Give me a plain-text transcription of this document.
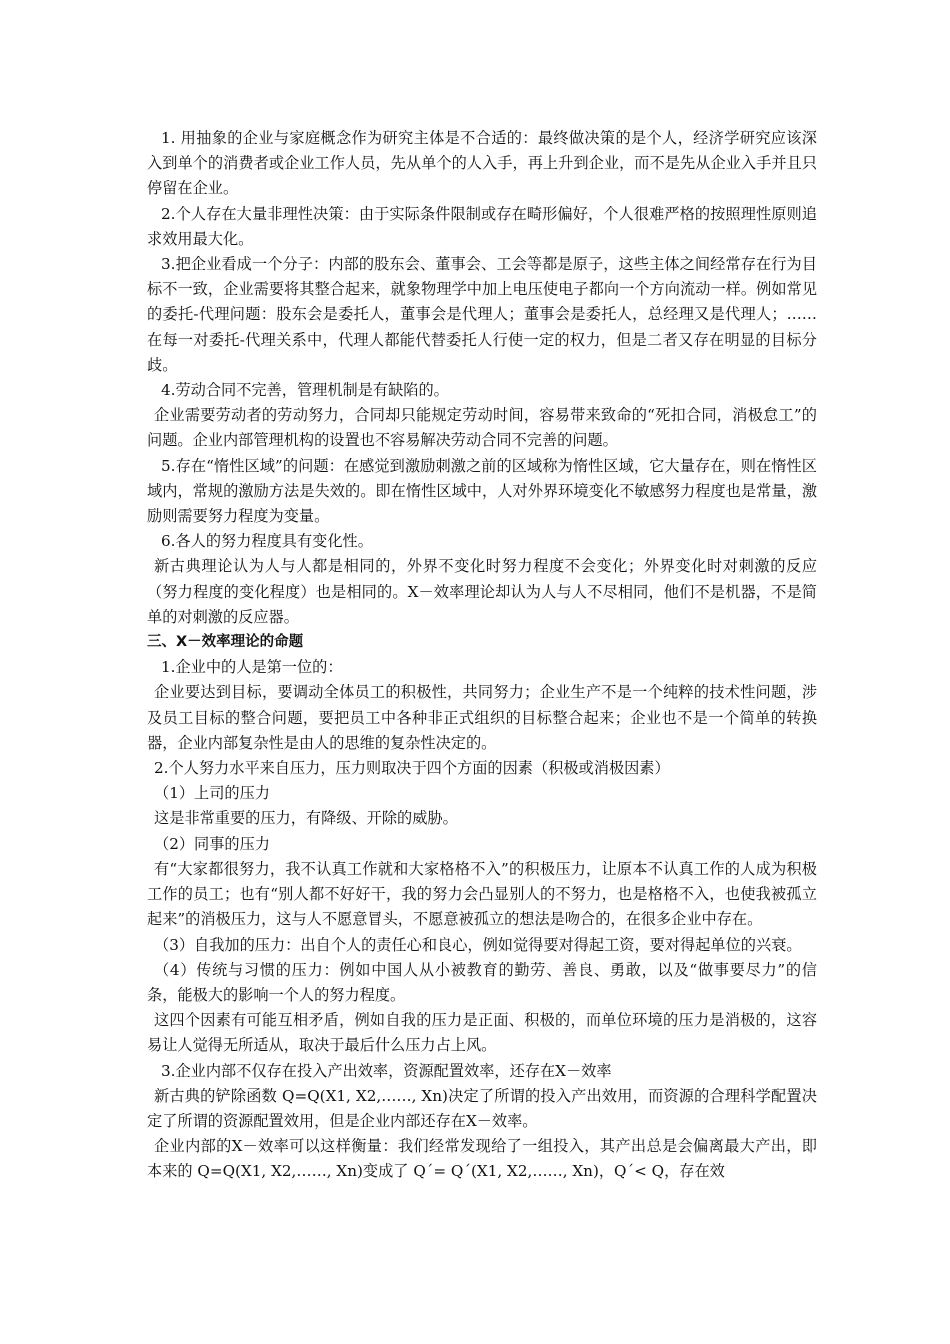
1. 用抽象的企业与家庭概念作为研究主体是不合适的：最终做决策的是个人，经济学研究应该深入到单个的消费者或企业工作人员，先从单个的人入手，再上升到企业，而不是先从企业入手并且只停留在企业。

2.个人存在大量非理性决策：由于实际条件限制或存在畸形偏好，个人很难严格的按照理性原则追求效用最大化。

3.把企业看成一个分子：内部的股东会、董事会、工会等都是原子，这些主体之间经常存在行为目标不一致，企业需要将其整合起来，就象物理学中加上电压使电子都向一个方向流动一样。例如常见的委托-代理问题：股东会是委托人，董事会是代理人；董事会是委托人，总经理又是代理人；……在每一对委托-代理关系中，代理人都能代替委托人行使一定的权力，但是二者又存在明显的目标分歧。

4.劳动合同不完善，管理机制是有缺陷的。

企业需要劳动者的劳动努力，合同却只能规定劳动时间，容易带来致命的“死扣合同，消极怠工”的问题。企业内部管理机构的设置也不容易解决劳动合同不完善的问题。

5.存在“惰性区域”的问题：在感觉到激励刺激之前的区域称为惰性区域，它大量存在，则在惰性区域内，常规的激励方法是失效的。即在惰性区域中，人对外界环境变化不敏感努力程度也是常量，激励则需要努力程度为变量。

6.各人的努力程度具有变化性。

新古典理论认为人与人都是相同的，外界不变化时努力程度不会变化；外界变化时对刺激的反应（努力程度的变化程度）也是相同的。X－效率理论却认为人与人不尽相同，他们不是机器，不是简单的对刺激的反应器。

三、X－效率理论的命题

1.企业中的人是第一位的：

企业要达到目标，要调动全体员工的积极性，共同努力；企业生产不是一个纯粹的技术性问题，涉及员工目标的整合问题，要把员工中各种非正式组织的目标整合起来；企业也不是一个简单的转换器，企业内部复杂性是由人的思维的复杂性决定的。

2.个人努力水平来自压力，压力则取决于四个方面的因素（积极或消极因素）

（1）上司的压力

这是非常重要的压力，有降级、开除的威胁。

（2）同事的压力

有“大家都很努力，我不认真工作就和大家格格不入”的积极压力，让原本不认真工作的人成为积极工作的员工；也有“别人都不好好干，我的努力会凸显别人的不努力，也是格格不入，也使我被孤立起来”的消极压力，这与人不愿意冒头，不愿意被孤立的想法是吻合的，在很多企业中存在。

（3）自我加的压力：出自个人的责任心和良心，例如觉得要对得起工资，要对得起单位的兴衰。

（4）传统与习惯的压力：例如中国人从小被教育的勤劳、善良、勇敢，以及“做事要尽力”的信条，能极大的影响一个人的努力程度。

这四个因素有可能互相矛盾，例如自我的压力是正面、积极的，而单位环境的压力是消极的，这容易让人觉得无所适从，取决于最后什么压力占上风。

3.企业内部不仅存在投入产出效率，资源配置效率，还存在X－效率

新古典的铲除函数 Q=Q(X1, X2,……, Xn)决定了所谓的投入产出效用，而资源的合理科学配置决定了所谓的资源配置效用，但是企业内部还存在X－效率。

企业内部的X－效率可以这样衡量：我们经常发现给了一组投入，其产出总是会偏离最大产出，即本来的 Q=Q(X1, X2,……, Xn)变成了 Q´= Q´(X1, X2,……, Xn)，Q´< Q，存在效
